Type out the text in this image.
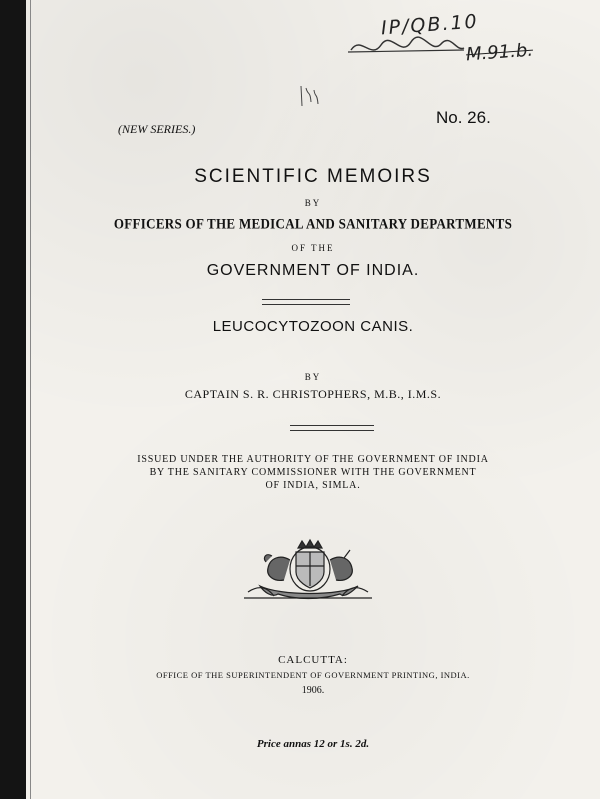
IP/QB.10
M.91.b.
(NEW SERIES.)
No. 26.
SCIENTIFIC MEMOIRS
BY
OFFICERS OF THE MEDICAL AND SANITARY DEPARTMENTS
OF THE
GOVERNMENT OF INDIA.
LEUCOCYTOZOON CANIS.
BY
CAPTAIN S. R. CHRISTOPHERS, M.B., I.M.S.
ISSUED UNDER THE AUTHORITY OF THE GOVERNMENT OF INDIA
BY THE SANITARY COMMISSIONER WITH THE GOVERNMENT
OF INDIA, SIMLA.
CALCUTTA:
OFFICE OF THE SUPERINTENDENT OF GOVERNMENT PRINTING, INDIA.
1906.
Price annas 12 or 1s. 2d.
